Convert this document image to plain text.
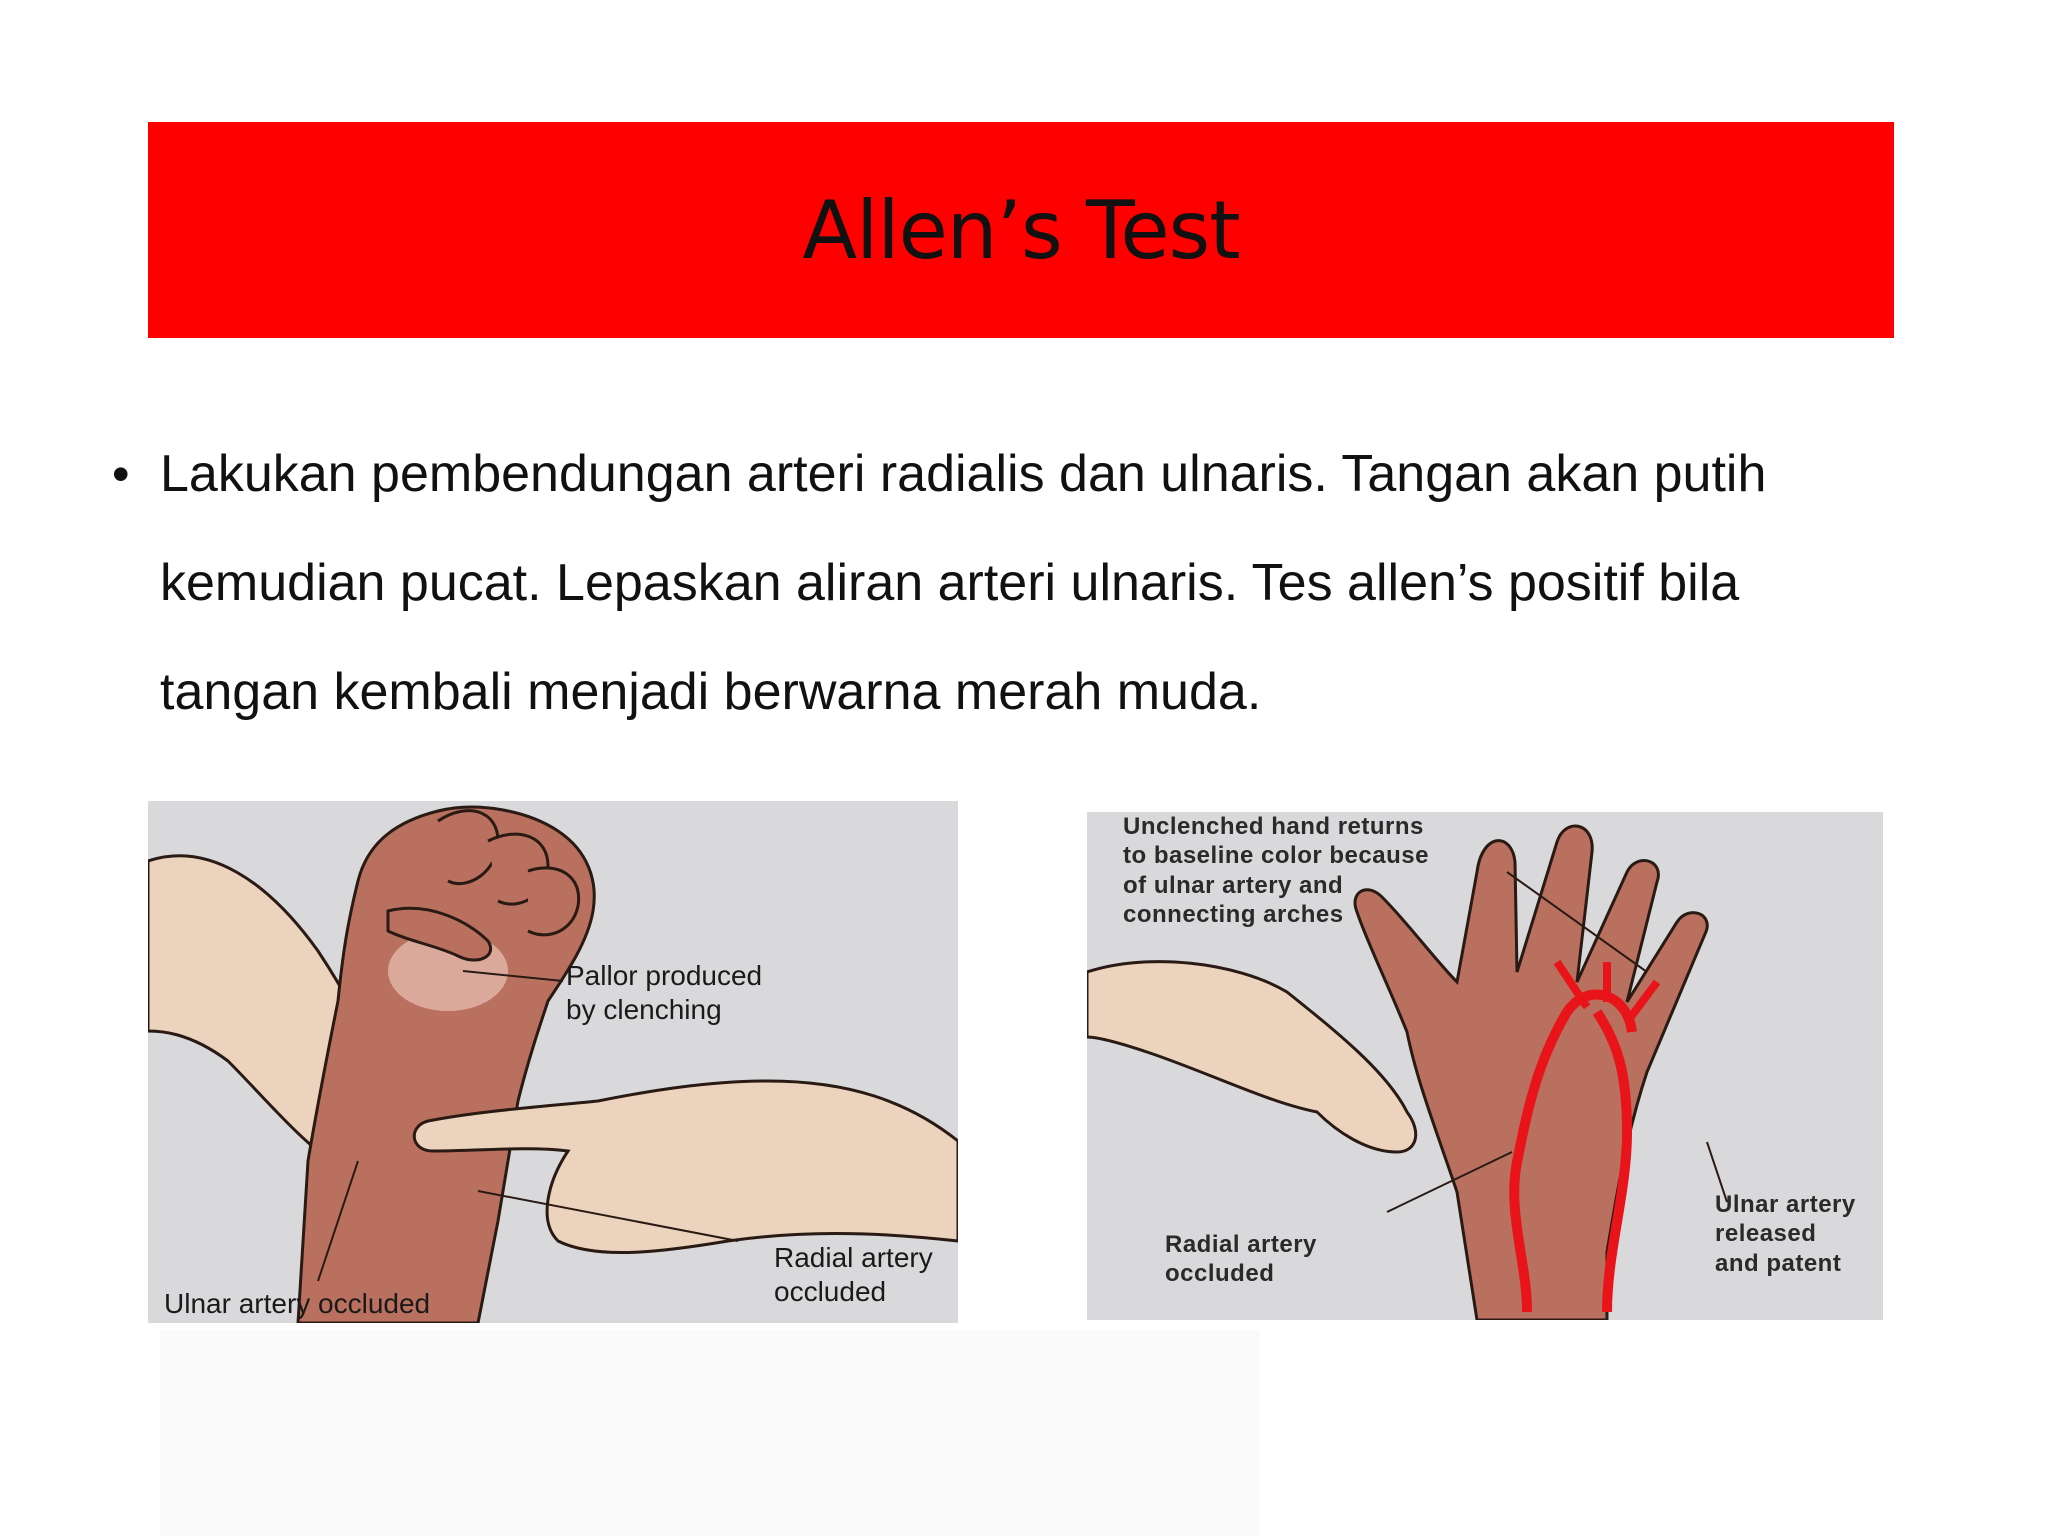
Allen’s Test
• Lakukan pembendungan arteri radialis dan ulnaris. Tangan akan putih kemudian pucat. Lepaskan aliran arteri ulnaris. Tes allen’s positif bila tangan kembali menjadi berwarna merah muda.

Pallor produced
by clenching
Radial artery
occluded
Ulnar artery occluded
Unclenched hand returns
to baseline color because
of ulnar artery and
connecting arches
Radial artery
occluded
Ulnar artery
released
and patent
